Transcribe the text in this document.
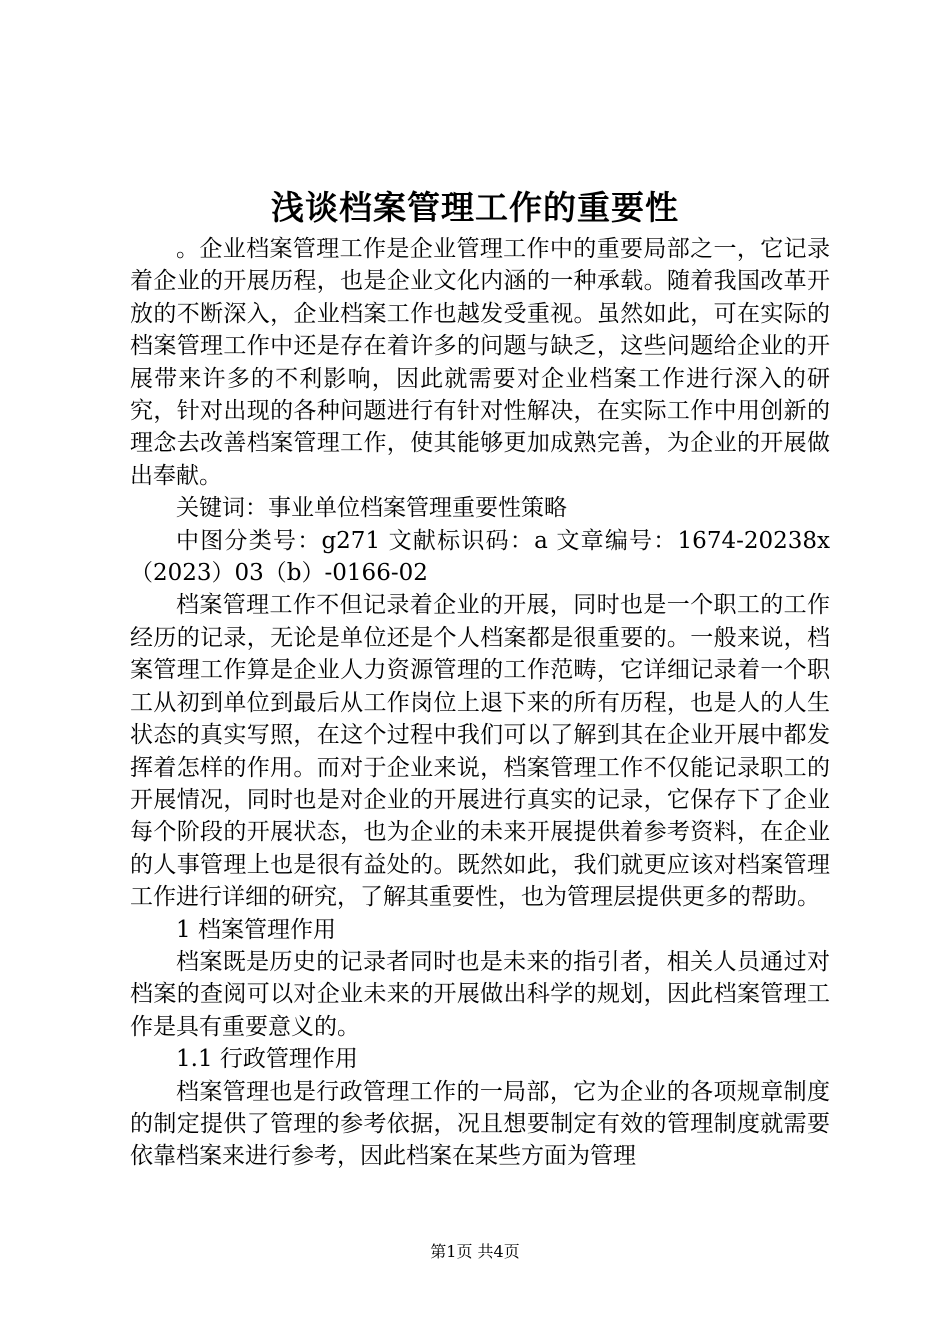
浅谈档案管理工作的重要性

。企业档案管理工作是企业管理工作中的重要局部之一，它记录着企业的开展历程，也是企业文化内涵的一种承载。随着我国改革开放的不断深入，企业档案工作也越发受重视。虽然如此，可在实际的档案管理工作中还是存在着许多的问题与缺乏，这些问题给企业的开展带来许多的不利影响，因此就需要对企业档案工作进行深入的研究，针对出现的各种问题进行有针对性解决，在实际工作中用创新的理念去改善档案管理工作，使其能够更加成熟完善，为企业的开展做出奉献。

关键词：事业单位档案管理重要性策略

中图分类号：g271 文献标识码：a 文章编号：1674-20238x（2023）03（b）-0166-02

档案管理工作不但记录着企业的开展，同时也是一个职工的工作经历的记录，无论是单位还是个人档案都是很重要的。一般来说，档案管理工作算是企业人力资源管理的工作范畴，它详细记录着一个职工从初到单位到最后从工作岗位上退下来的所有历程，也是人的人生状态的真实写照，在这个过程中我们可以了解到其在企业开展中都发挥着怎样的作用。而对于企业来说，档案管理工作不仅能记录职工的开展情况，同时也是对企业的开展进行真实的记录，它保存下了企业每个阶段的开展状态，也为企业的未来开展提供着参考资料，在企业的人事管理上也是很有益处的。既然如此，我们就更应该对档案管理工作进行详细的研究，了解其重要性，也为管理层提供更多的帮助。

1 档案管理作用

档案既是历史的记录者同时也是未来的指引者，相关人员通过对档案的查阅可以对企业未来的开展做出科学的规划，因此档案管理工作是具有重要意义的。

1.1 行政管理作用

档案管理也是行政管理工作的一局部，它为企业的各项规章制度的制定提供了管理的参考依据，况且想要制定有效的管理制度就需要依靠档案来进行参考，因此档案在某些方面为管理

第1页 共4页
